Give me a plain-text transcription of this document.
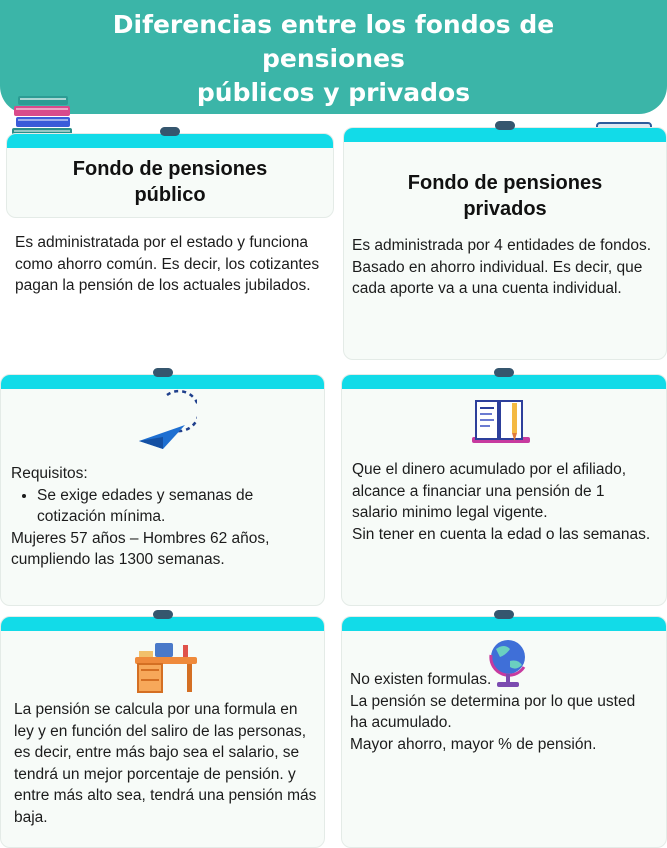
Diferencias entre los fondos de
pensiones
públicos y privados
Fondo de pensiones público

Es administratada por el estado y funciona como ahorro común. Es decir, los cotizantes pagan la pensión de los actuales jubilados.

Fondo de pensiones privados

Es administrada por 4 entidades de fondos. Basado en ahorro individual. Es decir, que cada aporte va a una cuenta individual.

Requisitos:
• Se exige edades y semanas de cotización mínima.
Mujeres 57 años – Hombres 62 años, cumpliendo las 1300 semanas.
Que el dinero acumulado por el afiliado, alcance a financiar una pensión de 1 salario minimo legal vigente.
Sin tener en cuenta la edad o las semanas.

La pensión se calcula por una formula en ley y en función del saliro de las personas, es decir, entre más bajo sea el salario, se tendrá un mejor porcentaje de pensión. y entre más alto sea, tendrá una pensión más baja.

No existen formulas.
La pensión se determina por lo que usted ha acumulado.
Mayor ahorro, mayor % de pensión.
